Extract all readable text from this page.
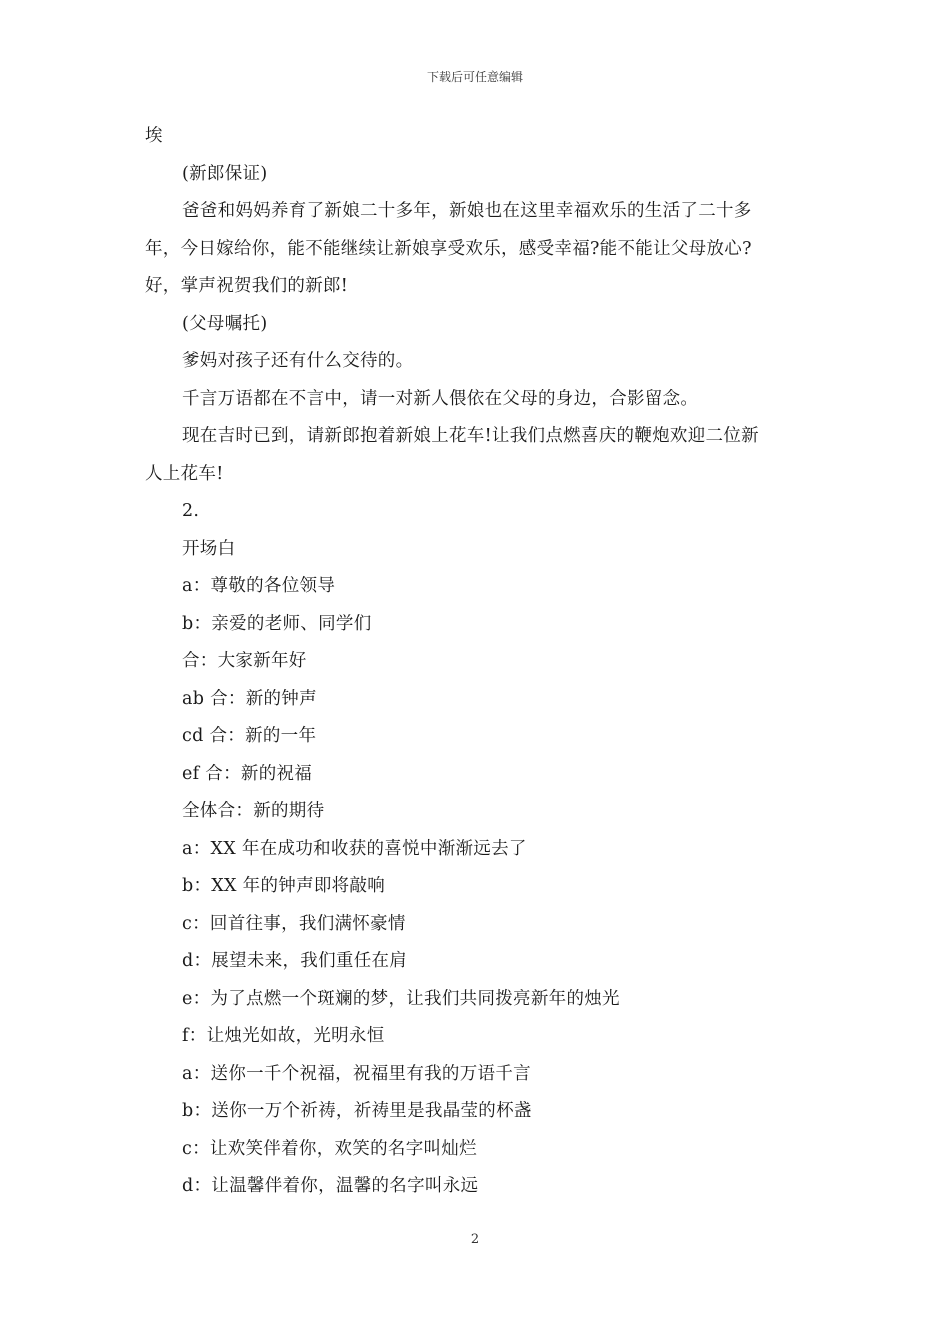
下载后可任意编辑
埃
(新郎保证)
爸爸和妈妈养育了新娘二十多年，新娘也在这里幸福欢乐的生活了二十多
年，今日嫁给你，能不能继续让新娘享受欢乐，感受幸福?能不能让父母放心?
好，掌声祝贺我们的新郎!
(父母嘱托)
爹妈对孩子还有什么交待的。
千言万语都在不言中，请一对新人偎依在父母的身边，合影留念。
现在吉时已到，请新郎抱着新娘上花车!让我们点燃喜庆的鞭炮欢迎二位新
人上花车!
2.
开场白
a：尊敬的各位领导
b：亲爱的老师、同学们
合：大家新年好
ab 合：新的钟声
cd 合：新的一年
ef 合：新的祝福
全体合：新的期待
a：XX 年在成功和收获的喜悦中渐渐远去了
b：XX 年的钟声即将敲响
c：回首往事，我们满怀豪情
d：展望未来，我们重任在肩
e：为了点燃一个斑斓的梦，让我们共同拨亮新年的烛光
f：让烛光如故，光明永恒
a：送你一千个祝福，祝福里有我的万语千言
b：送你一万个祈祷，祈祷里是我晶莹的杯盏
c：让欢笑伴着你，欢笑的名字叫灿烂
d：让温馨伴着你，温馨的名字叫永远
2
